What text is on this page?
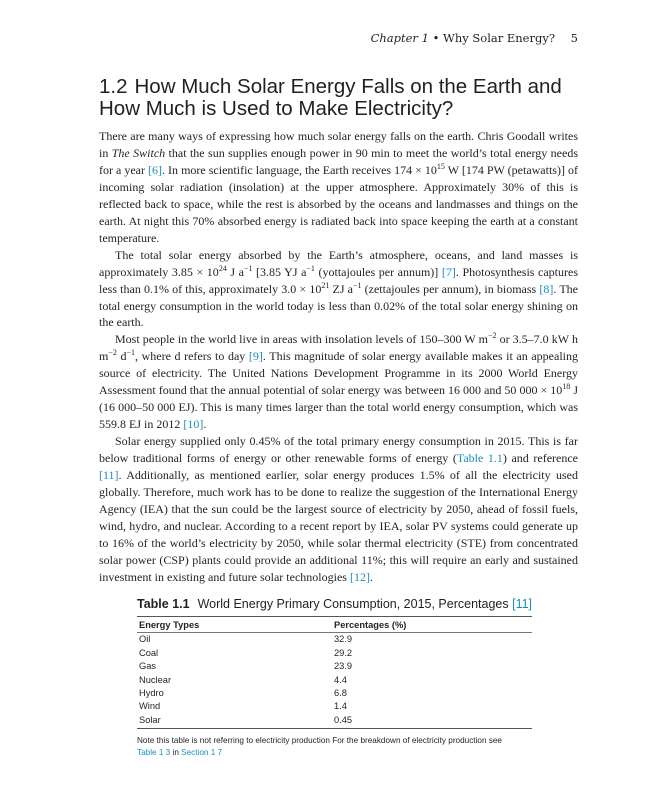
Chapter 1 • Why Solar Energy? 5
1.2 How Much Solar Energy Falls on the Earth and How Much is Used to Make Electricity?

There are many ways of expressing how much solar energy falls on the earth. Chris Goodall writes in The Switch that the sun supplies enough power in 90 min to meet the world’s total energy needs for a year [6]. In more scientific language, the Earth receives $174 \times 10^{15}$ W [174 PW (petawatts)] of incoming solar radiation (insolation) at the upper atmosphere. Approximately 30% of this is reflected back to space, while the rest is absorbed by the oceans and landmasses and things on the earth. At night this 70% absorbed energy is radiated back into space keeping the earth at a constant temperature.

The total solar energy absorbed by the Earth’s atmosphere, oceans, and land masses is approximately $3.85 \times 10^{24}$ J $a^{-1}$ [3.85 YJ $a^{-1}$ (yottajoules per annum)] [7]. Photosynthesis captures less than 0.1% of this, approximately $3.0 \times 10^{21}$ ZJ $a^{-1}$ (zettajoules per annum), in biomass [8]. The total energy consumption in the world today is less than 0.02% of the total solar energy shining on the earth.

Most people in the world live in areas with insolation levels of 150–300 W $m^{-2}$ or 3.5–7.0 kW h $m^{-2}$ $d^{-1}$, where d refers to day [9]. This magnitude of solar energy available makes it an appealing source of electricity. The United Nations Development Programme in its 2000 World Energy Assessment found that the annual potential of solar energy was between 16 000 and 50 $000 \times 10^{18}$ J (16 000–50 000 EJ). This is many times larger than the total world energy consumption, which was 559.8 EJ in 2012 [10].

Solar energy supplied only 0.45% of the total primary energy consumption in 2015. This is far below traditional forms of energy or other renewable forms of energy (Table 1.1) and reference [11]. Additionally, as mentioned earlier, solar energy produces 1.5% of all the electricity used globally. Therefore, much work has to be done to realize the suggestion of the International Energy Agency (IEA) that the sun could be the largest source of electricity by 2050, ahead of fossil fuels, wind, hydro, and nuclear. According to a recent report by IEA, solar PV systems could generate up to 16% of the world’s electricity by 2050, while solar thermal electricity (STE) from concentrated solar power (CSP) plants could provide an additional 11%; this will require an early and sustained investment in existing and future solar technologies [12].

Table 1.1 World Energy Primary Consumption, 2015, Percentages [11]
Energy Types	Percentages (%)
Oil	32.9
Coal	29.2
Gas	23.9
Nuclear	4.4
Hydro	6.8
Wind	1.4
Solar	0.45
Note this table is not referring to electricity production For the breakdown of electricity production see
Table 1 3 in Section 1 7
